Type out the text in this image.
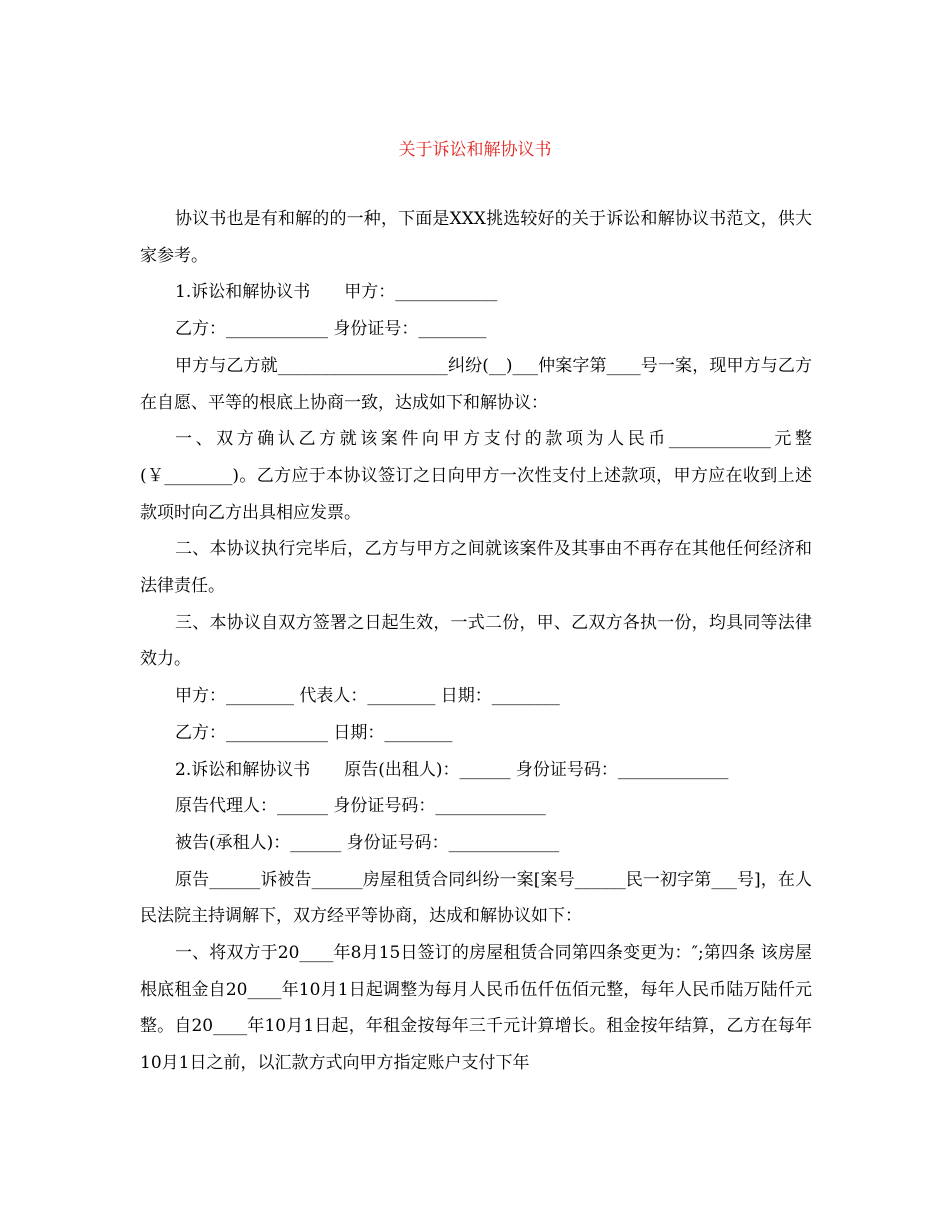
关于诉讼和解协议书

协议书也是有和解的的一种，下面是XXX挑选较好的关于诉讼和解协议书范文，供大家参考。

1.诉讼和解协议书　　甲方：____________

乙方：____________ 身份证号：________

甲方与乙方就____________________纠纷(__)___仲案字第____号一案，现甲方与乙方在自愿、平等的根底上协商一致，达成如下和解协议：

一、双方确认乙方就该案件向甲方支付的款项为人民币____________元整(￥________)。乙方应于本协议签订之日向甲方一次性支付上述款项，甲方应在收到上述款项时向乙方出具相应发票。

二、本协议执行完毕后，乙方与甲方之间就该案件及其事由不再存在其他任何经济和法律责任。

三、本协议自双方签署之日起生效，一式二份，甲、乙双方各执一份，均具同等法律效力。

甲方：________ 代表人：________ 日期：________

乙方：____________ 日期：________

2.诉讼和解协议书　　原告(出租人)：______ 身份证号码：_____________

原告代理人：______ 身份证号码：_____________

被告(承租人)：______ 身份证号码：_____________

原告______诉被告______房屋租赁合同纠纷一案[案号______民一初字第___号]，在人民法院主持调解下，双方经平等协商，达成和解协议如下：

一、将双方于20____年8月15日签订的房屋租赁合同第四条变更为：″;第四条 该房屋根底租金自20____年10月1日起调整为每月人民币伍仟伍佰元整，每年人民币陆万陆仟元整。自20____年10月1日起，年租金按每年三千元计算增长。租金按年结算，乙方在每年10月1日之前，以汇款方式向甲方指定账户支付下年
